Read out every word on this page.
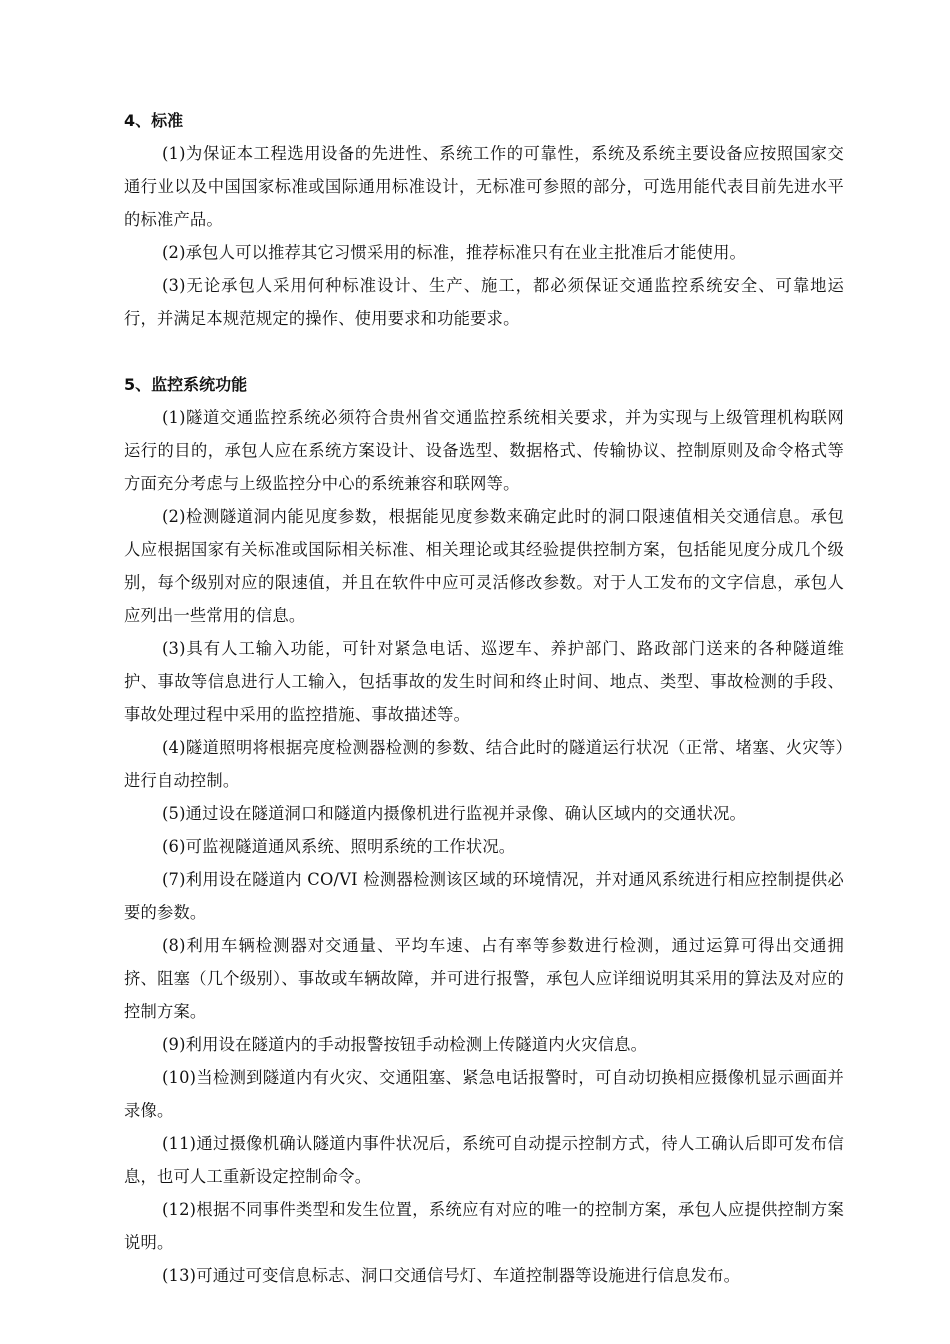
4、标准

(1)为保证本工程选用设备的先进性、系统工作的可靠性，系统及系统主要设备应按照国家交通行业以及中国国家标准或国际通用标准设计，无标准可参照的部分，可选用能代表目前先进水平的标准产品。

(2)承包人可以推荐其它习惯采用的标准，推荐标准只有在业主批准后才能使用。

(3)无论承包人采用何种标准设计、生产、施工，都必须保证交通监控系统安全、可靠地运行，并满足本规范规定的操作、使用要求和功能要求。

5、监控系统功能

(1)隧道交通监控系统必须符合贵州省交通监控系统相关要求，并为实现与上级管理机构联网运行的目的，承包人应在系统方案设计、设备选型、数据格式、传输协议、控制原则及命令格式等方面充分考虑与上级监控分中心的系统兼容和联网等。

(2)检测隧道洞内能见度参数，根据能见度参数来确定此时的洞口限速值相关交通信息。承包人应根据国家有关标准或国际相关标准、相关理论或其经验提供控制方案，包括能见度分成几个级别，每个级别对应的限速值，并且在软件中应可灵活修改参数。对于人工发布的文字信息，承包人应列出一些常用的信息。

(3)具有人工输入功能，可针对紧急电话、巡逻车、养护部门、路政部门送来的各种隧道维护、事故等信息进行人工输入，包括事故的发生时间和终止时间、地点、类型、事故检测的手段、事故处理过程中采用的监控措施、事故描述等。

(4)隧道照明将根据亮度检测器检测的参数、结合此时的隧道运行状况（正常、堵塞、火灾等）进行自动控制。

(5)通过设在隧道洞口和隧道内摄像机进行监视并录像、确认区域内的交通状况。

(6)可监视隧道通风系统、照明系统的工作状况。

(7)利用设在隧道内 CO/VI 检测器检测该区域的环境情况，并对通风系统进行相应控制提供必要的参数。

(8)利用车辆检测器对交通量、平均车速、占有率等参数进行检测，通过运算可得出交通拥挤、阻塞（几个级别）、事故或车辆故障，并可进行报警，承包人应详细说明其采用的算法及对应的控制方案。

(9)利用设在隧道内的手动报警按钮手动检测上传隧道内火灾信息。

(10)当检测到隧道内有火灾、交通阻塞、紧急电话报警时，可自动切换相应摄像机显示画面并录像。

(11)通过摄像机确认隧道内事件状况后，系统可自动提示控制方式，待人工确认后即可发布信息，也可人工重新设定控制命令。

(12)根据不同事件类型和发生位置，系统应有对应的唯一的控制方案，承包人应提供控制方案说明。

(13)可通过可变信息标志、洞口交通信号灯、车道控制器等设施进行信息发布。
